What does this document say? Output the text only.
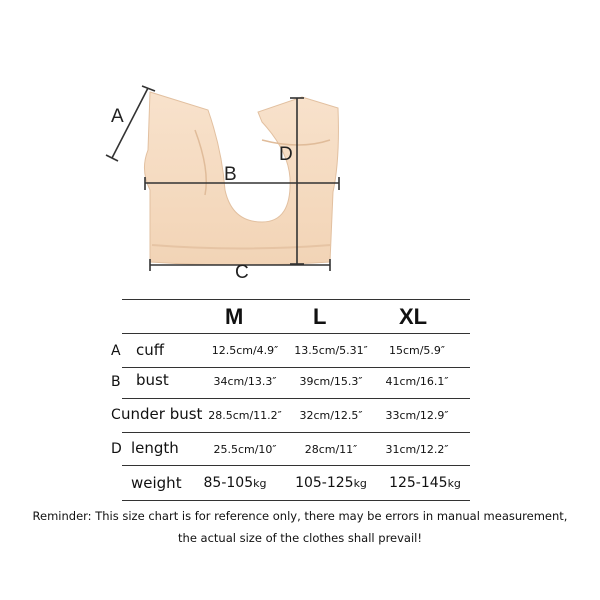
A
B
C
D
M	L	XL
A cuff	12.5cm/4.9″	13.5cm/5.31″	15cm/5.9″
B bust	34cm/13.3″	39cm/15.3″	41cm/16.1″
C under bust 28.5cm/11.2″	32cm/12.5″	33cm/12.9″
D length	25.5cm/10″	28cm/11″	31cm/12.2″
weight	85-105kg	105-125kg	125-145kg
Reminder: This size chart is for reference only, there may be errors in manual measurement,
the actual size of the clothes shall prevail!
